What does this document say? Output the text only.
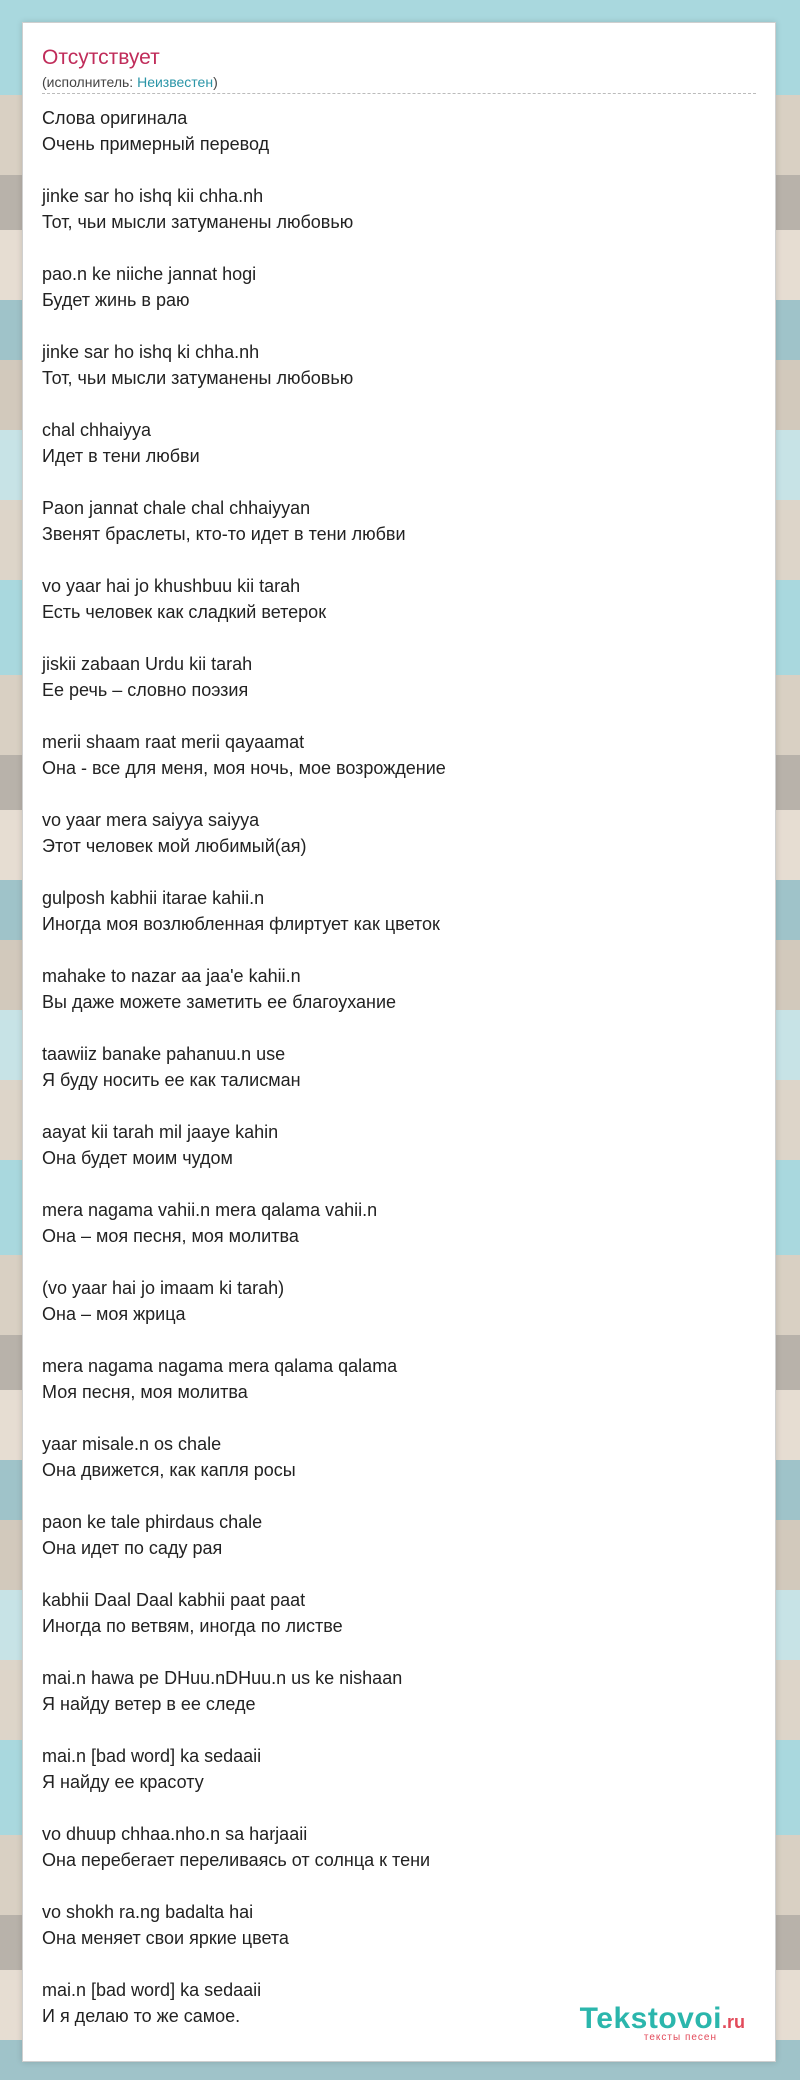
Отсутствует
(исполнитель: Неизвестен)
Слова оригинала
Очень примерный перевод
jinke sar ho ishq kii chha.nh
Тот, чьи мысли затуманены любовью
pao.n ke niiche jannat hogi
Будет жинь в раю
jinke sar ho ishq ki chha.nh
Тот, чьи мысли затуманены любовью
chal chhaiyya
Идет в тени любви
Paon jannat chale chal chhaiyyan
Звенят браслеты, кто-то идет в тени любви
vo yaar hai jo khushbuu kii tarah
Есть человек как сладкий ветерок
jiskii zabaan Urdu kii tarah
Ее речь – словно поэзия
merii shaam raat merii qayaamat
Она - все для меня, моя ночь, мое возрождение
vo yaar mera saiyya saiyya
Этот человек мой любимый(ая)
gulposh kabhii itarae kahii.n
Иногда моя возлюбленная флиртует как цветок
mahake to nazar aa jaa'e kahii.n
Вы даже можете заметить ее благоухание
taawiiz banake pahanuu.n use
Я буду носить ее как талисман
aayat kii tarah mil jaaye kahin
Она будет моим чудом
mera nagama vahii.n mera qalama vahii.n
Она – моя песня, моя молитва
(vo yaar hai jo imaam ki tarah)
Она – моя жрица
mera nagama nagama mera qalama qalama
Моя песня, моя молитва
yaar misale.n os chale
Она движется, как капля росы
paon ke tale phirdaus chale
Она идет по саду рая
kabhii Daal Daal kabhii paat paat
Иногда по ветвям, иногда по листве
mai.n hawa pe DHuu.nDHuu.n us ke nishaan
Я найду ветер в ее следе
mai.n [bad word] ka sedaaii
Я найду ее красоту
vo dhuup chhaa.nho.n sa harjaaii
Она перебегает переливаясь от солнца к тени
vo shokh ra.ng badalta hai
Она меняет свои яркие цвета
mai.n [bad word] ka sedaaii
И я делаю то же самое.	Tekstovoi.ru
тексты песен
